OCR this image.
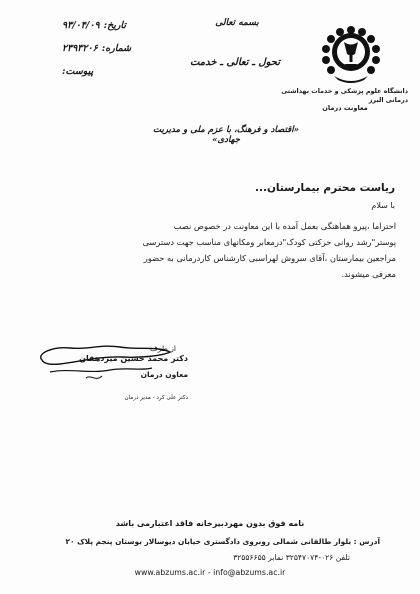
تاریخ:
۹۳/۰۴/۰۹
شماره:
۲۳۹۳۲۰۶
پیوست:
بسمه تعالی
تحول ـ تعالی ـ خدمت
دانشگاه علوم پزشکی و خدمات بهداشتی درمانی البرز
معاونت درمان
«اقتصاد و فرهنگ، با عزم ملی و مدیریت جهادی»
ریاست محترم بیمارستان...
با سلام
احتراما ،پیرو هماهنگی بعمل آمده با این معاونت در خصوص نصب
پوستر"رشد روانی حرکتی کودک"درمعابر ومکانهای مناسب جهت دسترسی
مراجعین بیمارستان ،آقای سروش لهراسبی کارشناس کاردرمانی به حضور
معرفی میشوند.
از طرف
دکتر محمد حسین میردهقان
معاون درمان
دکتر علی کرد - مدیر درمان
نامه فوق بدون مهردبیرخانه فاقد اعتبارمی باشد
آدرس : بلوار طالقانی شمالی روبروی دادگستری خیابان دیوسالار بوستان پنجم پلاک ۲۰
تلفن ۰۲۶-۳۲۵۴۷۰۷۴ نمابر ۳۲۵۵۶۶۵۵
www.abzums.ac.ir - info@abzums.ac.ir
